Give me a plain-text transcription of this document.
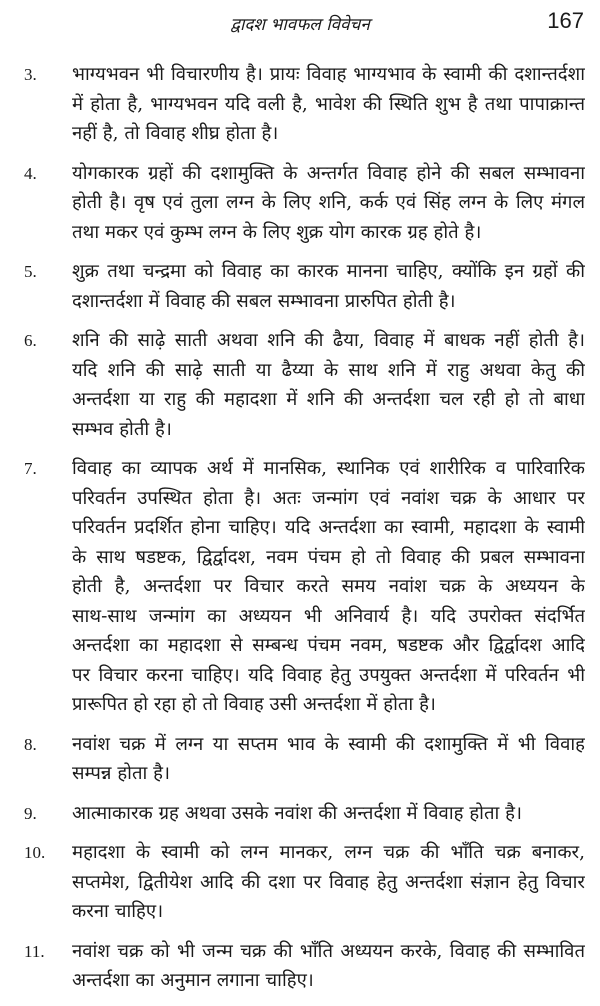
द्वादश भावफल विवेचन	167
3. भाग्यभवन भी विचारणीय है। प्रायः विवाह भाग्यभाव के स्वामी की दशान्तर्दशा
में होता है, भाग्यभवन यदि वली है, भावेश की स्थिति शुभ है तथा पापाक्रान्त
नहीं है, तो विवाह शीघ्र होता है।
4. योगकारक ग्रहों की दशामुक्ति के अन्तर्गत विवाह होने की सबल सम्भावना
होती है। वृष एवं तुला लग्न के लिए शनि, कर्क एवं सिंह लग्न के लिए मंगल
तथा मकर एवं कुम्भ लग्न के लिए शुक्र योग कारक ग्रह होते है।
5. शुक्र तथा चन्द्रमा को विवाह का कारक मानना चाहिए, क्योंकि इन ग्रहों की
दशान्तर्दशा में विवाह की सबल सम्भावना प्रारुपित होती है।
6. शनि की साढ़े साती अथवा शनि की ढैया, विवाह में बाधक नहीं होती है।
यदि शनि की साढ़े साती या ढैय्या के साथ शनि में राहु अथवा केतु की
अन्तर्दशा या राहु की महादशा में शनि की अन्तर्दशा चल रही हो तो बाधा
सम्भव होती है।
7. विवाह का व्यापक अर्थ में मानसिक, स्थानिक एवं शारीरिक व पारिवारिक
परिवर्तन उपस्थित होता है। अतः जन्मांग एवं नवांश चक्र के आधार पर
परिवर्तन प्रदर्शित होना चाहिए। यदि अन्तर्दशा का स्वामी, महादशा के स्वामी
के साथ षडष्टक, द्विर्द्वादश, नवम पंचम हो तो विवाह की प्रबल सम्भावना
होती है, अन्तर्दशा पर विचार करते समय नवांश चक्र के अध्ययन के
साथ-साथ जन्मांग का अध्ययन भी अनिवार्य है। यदि उपरोक्त संदर्भित
अन्तर्दशा का महादशा से सम्बन्ध पंचम नवम, षडष्टक और द्विर्द्वादश आदि
पर विचार करना चाहिए। यदि विवाह हेतु उपयुक्त अन्तर्दशा में परिवर्तन भी
प्रारूपित हो रहा हो तो विवाह उसी अन्तर्दशा में होता है।
8. नवांश चक्र में लग्न या सप्तम भाव के स्वामी की दशामुक्ति में भी विवाह
सम्पन्न होता है।
9. आत्माकारक ग्रह अथवा उसके नवांश की अन्तर्दशा में विवाह होता है।
10. महादशा के स्वामी को लग्न मानकर, लग्न चक्र की भाँति चक्र बनाकर,
सप्तमेश, द्वितीयेश आदि की दशा पर विवाह हेतु अन्तर्दशा संज्ञान हेतु विचार
करना चाहिए।
11. नवांश चक्र को भी जन्म चक्र की भाँति अध्ययन करके, विवाह की सम्भावित
अन्तर्दशा का अनुमान लगाना चाहिए।
